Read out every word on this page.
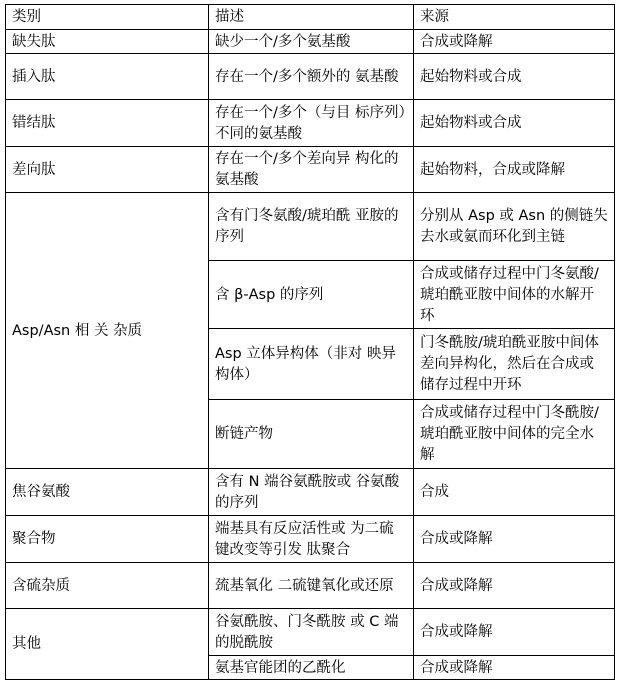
类别	描述	来源
缺失肽	缺少一个/多个氨基酸	合成或降解
插入肽	存在一个/多个额外的 氨基酸	起始物料或合成
错结肽	存在一个/多个（与目 标序列）不同的氨基酸	起始物料或合成
差向肽	存在一个/多个差向异 构化的氨基酸	起始物料，合成或降解
Asp/Asn 相 关 杂质	含有门冬氨酸/琥珀酰 亚胺的序列	分别从 Asp 或 Asn 的侧链失 去水或氨而环化到主链
	含 β-Asp 的序列	合成或储存过程中门冬氨酸/ 琥珀酰亚胺中间体的水解开 环
	Asp 立体异构体（非对 映异构体）	门冬酰胺/琥珀酰亚胺中间体 差向异构化，然后在合成或 储存过程中开环
	断链产物	合成或储存过程中门冬酰胺/ 琥珀酰亚胺中间体的完全水 解
焦谷氨酸	含有 N 端谷氨酰胺或 谷氨酸的序列	合成
聚合物	端基具有反应活性或 为二硫键改变等引发 肽聚合	合成或降解
含硫杂质	巯基氧化 二硫键氧化或还原	合成或降解
其他	谷氨酰胺、门冬酰胺 或 C 端的脱酰胺	合成或降解
	氨基官能团的乙酰化	合成或降解
